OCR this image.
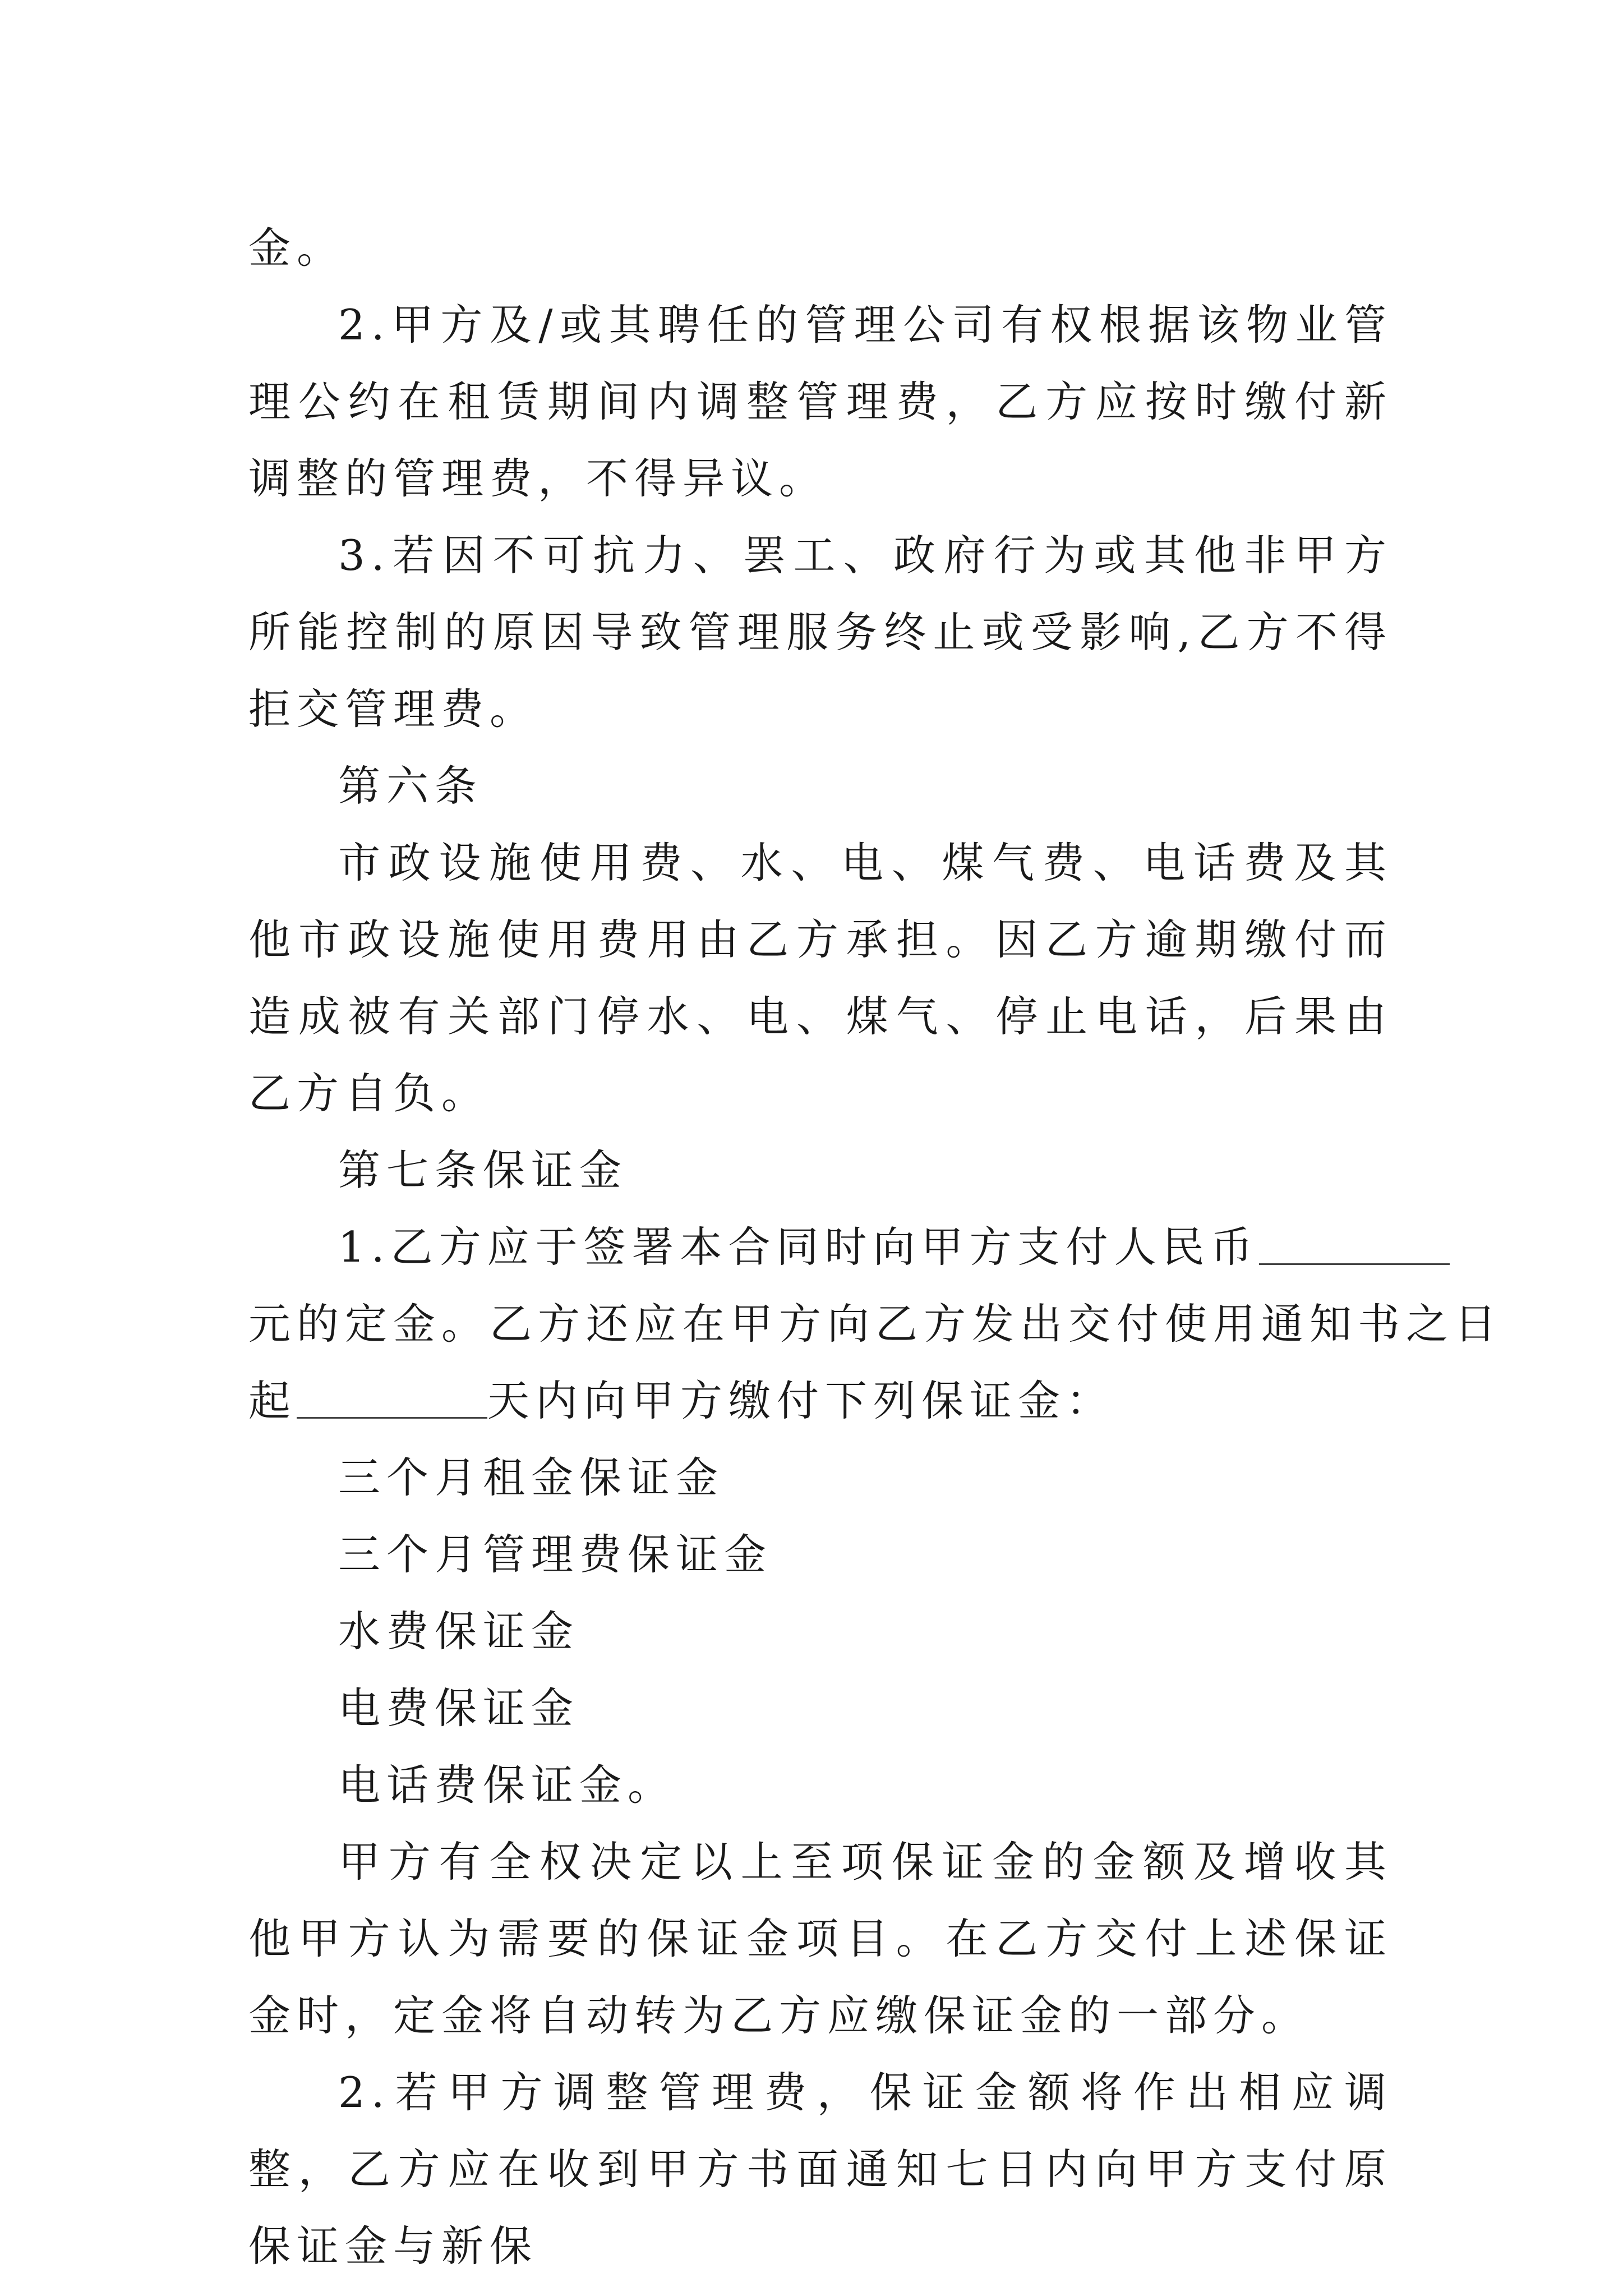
金。

2.甲方及/或其聘任的管理公司有权根据该物业管理公约在租赁期间内调整管理费，乙方应按时缴付新调整的管理费，不得异议。

3.若因不可抗力、罢工、政府行为或其他非甲方所能控制的原因导致管理服务终止或受影响,乙方不得拒交管理费。

第六条

市政设施使用费、水、电、煤气费、电话费及其他市政设施使用费用由乙方承担。因乙方逾期缴付而造成被有关部门停水、电、煤气、停止电话，后果由乙方自负。

第七条保证金
1.乙方应于签署本合同时向甲方支付人民币
元的定金。乙方还应在甲方向乙方发出交付使用通知书之日
起	天内向甲方缴付下列保证金：
三个月租金保证金
三个月管理费保证金
水费保证金
电费保证金
电话费保证金。

甲方有全权决定以上至项保证金的金额及增收其他甲方认为需要的保证金项目。在乙方交付上述保证金时，定金将自动转为乙方应缴保证金的一部分。

2.若甲方调整管理费，保证金额将作出相应调整，乙方应在收到甲方书面通知七日内向甲方支付原保证金与新保
